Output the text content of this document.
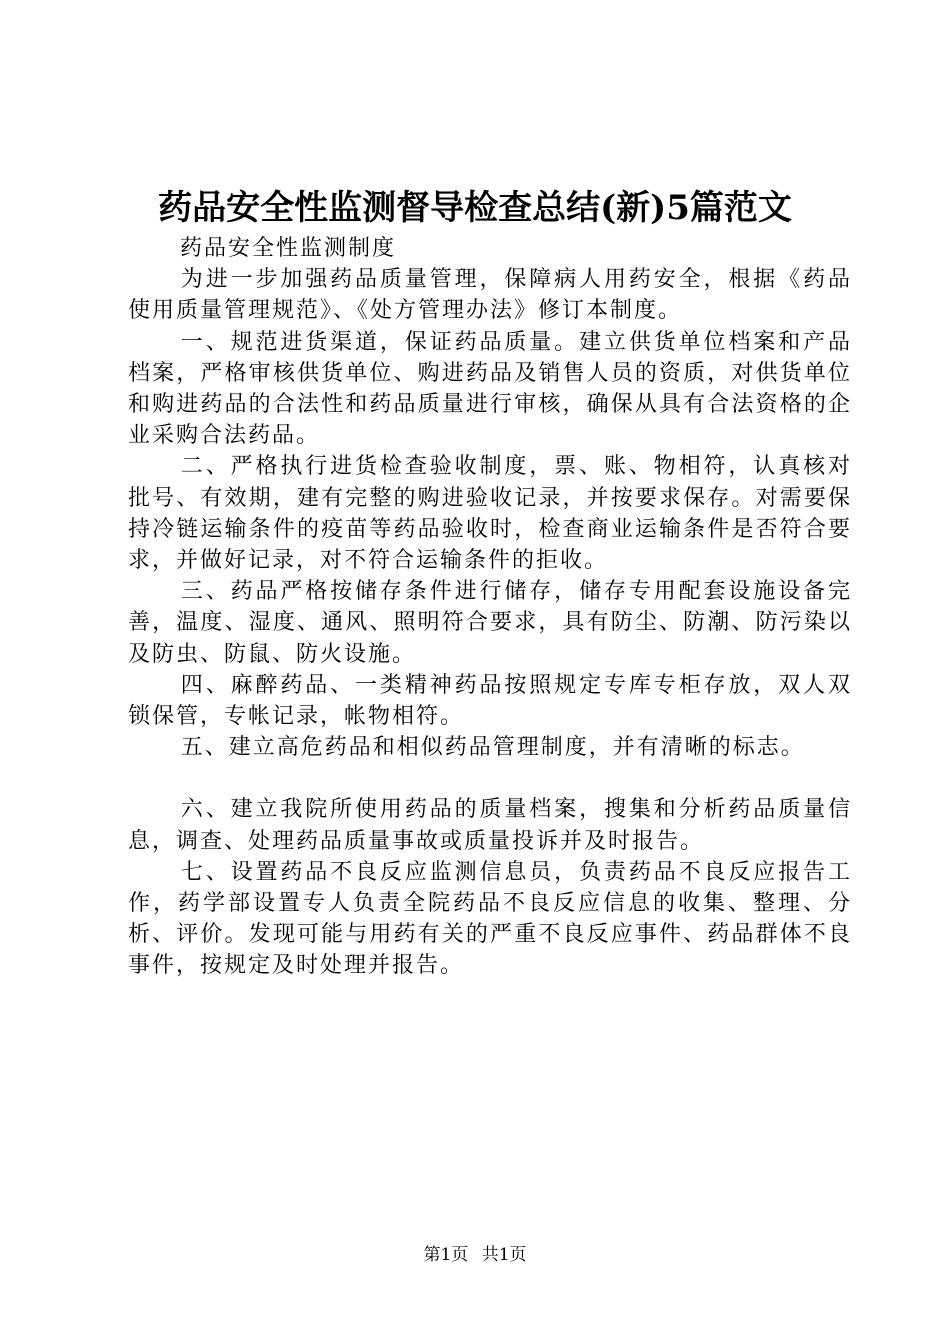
药品安全性监测督导检查总结(新)5篇范文

药品安全性监测制度

为进一步加强药品质量管理，保障病人用药安全，根据《药品使用质量管理规范》、《处方管理办法》修订本制度。

一、规范进货渠道，保证药品质量。建立供货单位档案和产品档案，严格审核供货单位、购进药品及销售人员的资质，对供货单位和购进药品的合法性和药品质量进行审核，确保从具有合法资格的企业采购合法药品。

二、严格执行进货检查验收制度，票、账、物相符，认真核对批号、有效期，建有完整的购进验收记录，并按要求保存。对需要保持冷链运输条件的疫苗等药品验收时，检查商业运输条件是否符合要求，并做好记录，对不符合运输条件的拒收。

三、药品严格按储存条件进行储存，储存专用配套设施设备完善，温度、湿度、通风、照明符合要求，具有防尘、防潮、防污染以及防虫、防鼠、防火设施。

四、麻醉药品、一类精神药品按照规定专库专柜存放，双人双锁保管，专帐记录，帐物相符。

五、建立高危药品和相似药品管理制度，并有清晰的标志。

六、建立我院所使用药品的质量档案，搜集和分析药品质量信息，调查、处理药品质量事故或质量投诉并及时报告。

七、设置药品不良反应监测信息员，负责药品不良反应报告工作，药学部设置专人负责全院药品不良反应信息的收集、整理、分析、评价。发现可能与用药有关的严重不良反应事件、药品群体不良事件，按规定及时处理并报告。

第1页 共1页
